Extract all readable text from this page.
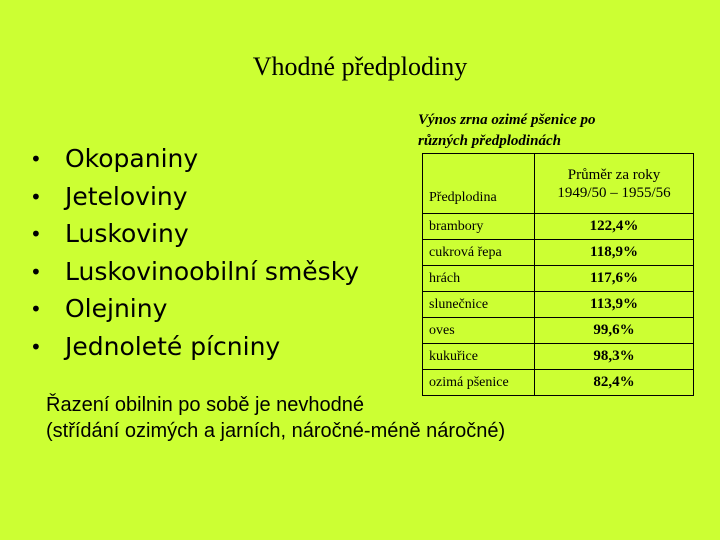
Vhodné předplodiny
• Okopaniny
• Jeteloviny
• Luskoviny
• Luskovinoobilní směsky
• Olejniny
• Jednoleté pícniny
Výnos zrna ozimé pšenice po
různých předplodinách
Předplodina	Průměr za roky
1949/50 – 1955/56

brambory	122,4%
cukrová řepa	118,9%
hrách	117,6%
slunečnice	113,9%
oves	99,6%
kukuřice	98,3%
ozimá pšenice	82,4%
Řazení obilnin po sobě je nevhodné
(střídání ozimých a jarních, náročné-méně náročné)
